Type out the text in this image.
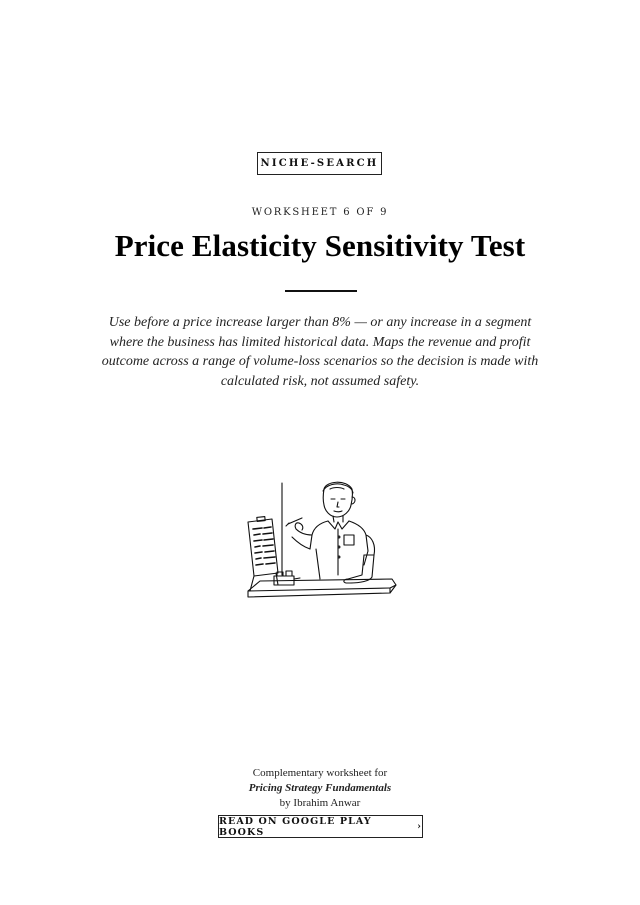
NICHE-SEARCH
WORKSHEET 6 OF 9
Price Elasticity Sensitivity Test
Use before a price increase larger than 8% — or any increase in a segment where the business has limited historical data. Maps the revenue and profit outcome across a range of volume-loss scenarios so the decision is made with calculated risk, not assumed safety.
Complementary worksheet for
Pricing Strategy Fundamentals
by Ibrahim Anwar
READ ON GOOGLE PLAY BOOKS	›
